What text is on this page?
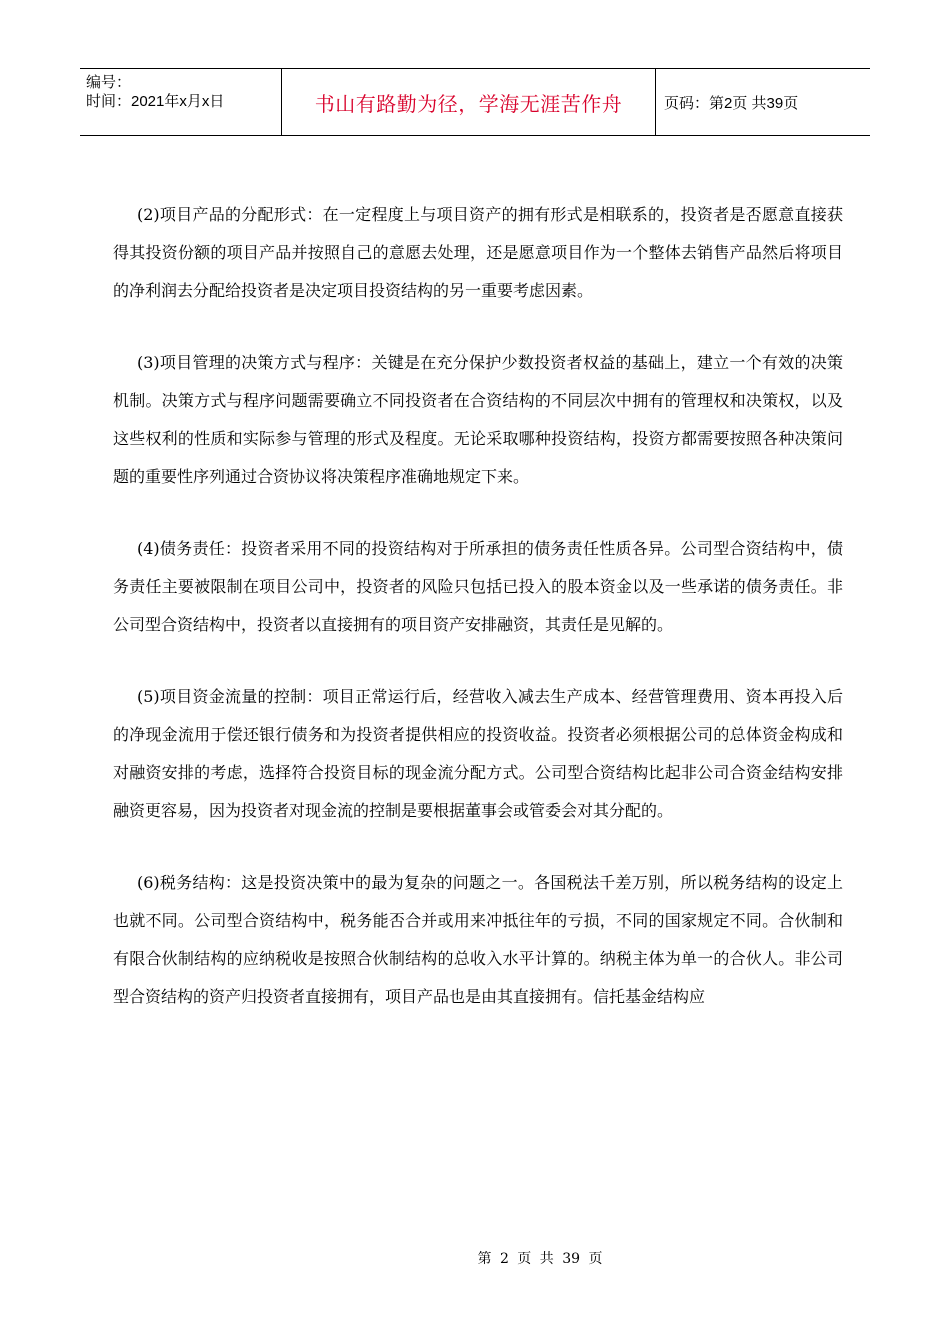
编号：
时间：2021年x月x日	书山有路勤为径，学海无涯苦作舟	页码：第2页 共39页

(2)项目产品的分配形式：在一定程度上与项目资产的拥有形式是相联系的，投资者是否愿意直接获得其投资份额的项目产品并按照自己的意愿去处理，还是愿意项目作为一个整体去销售产品然后将项目的净利润去分配给投资者是决定项目投资结构的另一重要考虑因素。

(3)项目管理的决策方式与程序：关键是在充分保护少数投资者权益的基础上，建立一个有效的决策机制。决策方式与程序问题需要确立不同投资者在合资结构的不同层次中拥有的管理权和决策权，以及这些权利的性质和实际参与管理的形式及程度。无论采取哪种投资结构，投资方都需要按照各种决策问题的重要性序列通过合资协议将决策程序准确地规定下来。

(4)债务责任：投资者采用不同的投资结构对于所承担的债务责任性质各异。公司型合资结构中，债务责任主要被限制在项目公司中，投资者的风险只包括已投入的股本资金以及一些承诺的债务责任。非公司型合资结构中，投资者以直接拥有的项目资产安排融资，其责任是见解的。

(5)项目资金流量的控制：项目正常运行后，经营收入减去生产成本、经营管理费用、资本再投入后的净现金流用于偿还银行债务和为投资者提供相应的投资收益。投资者必须根据公司的总体资金构成和对融资安排的考虑，选择符合投资目标的现金流分配方式。公司型合资结构比起非公司合资金结构安排融资更容易，因为投资者对现金流的控制是要根据董事会或管委会对其分配的。

(6)税务结构：这是投资决策中的最为复杂的问题之一。各国税法千差万别，所以税务结构的设定上也就不同。公司型合资结构中，税务能否合并或用来冲抵往年的亏损，不同的国家规定不同。合伙制和有限合伙制结构的应纳税收是按照合伙制结构的总收入水平计算的。纳税主体为单一的合伙人。非公司型合资结构的资产归投资者直接拥有，项目产品也是由其直接拥有。信托基金结构应

第 2 页 共 39 页
